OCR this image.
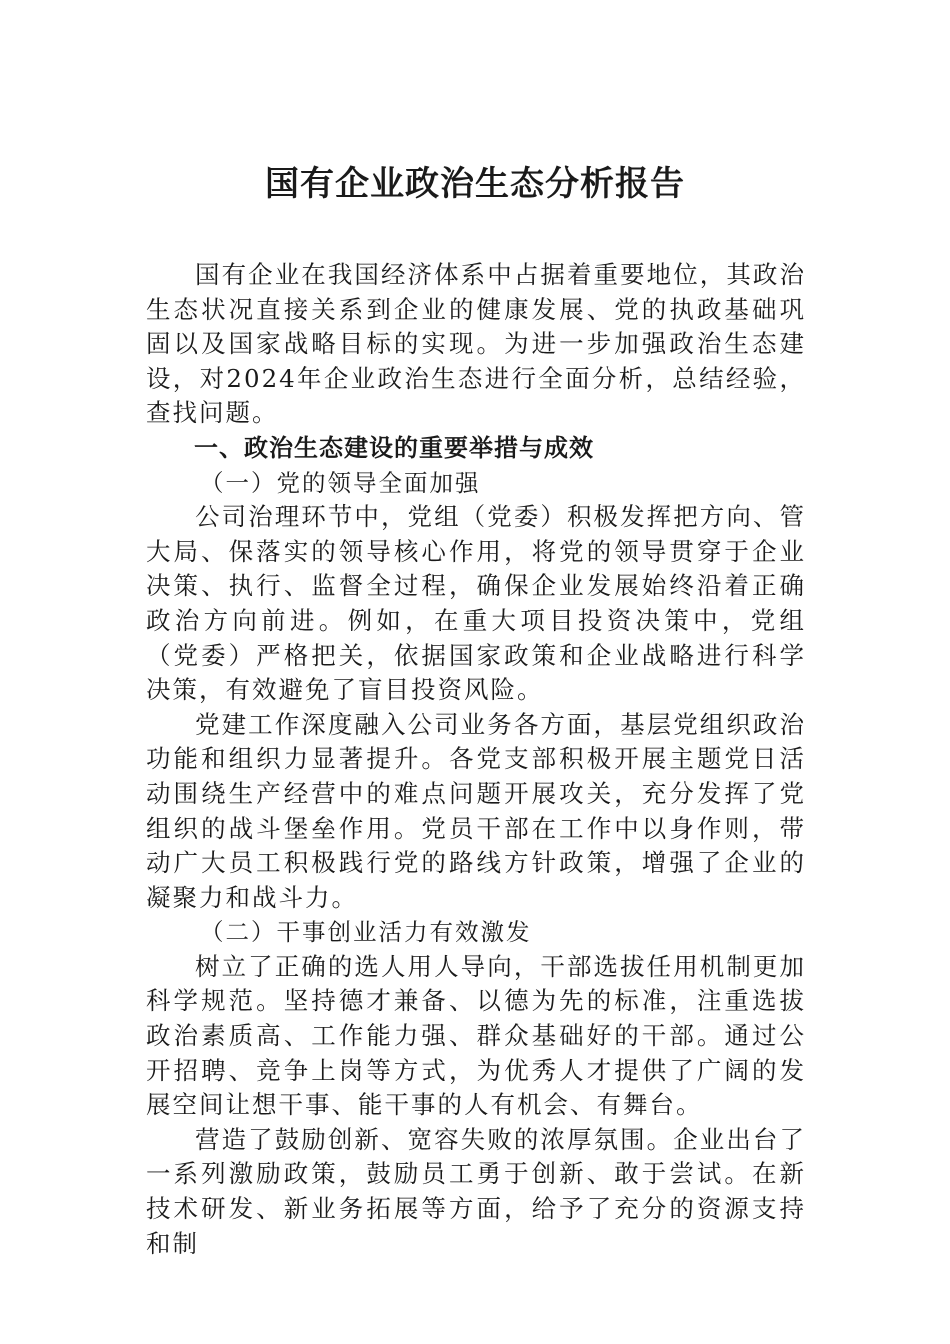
国有企业政治生态分析报告

国有企业在我国经济体系中占据着重要地位，其政治生态状况直接关系到企业的健康发展、党的执政基础巩固以及国家战略目标的实现。为进一步加强政治生态建设，对2024年企业政治生态进行全面分析，总结经验，查找问题。

一、政治生态建设的重要举措与成效

（一）党的领导全面加强

公司治理环节中，党组（党委）积极发挥把方向、管大局、保落实的领导核心作用，将党的领导贯穿于企业决策、执行、监督全过程，确保企业发展始终沿着正确政治方向前进。例如，在重大项目投资决策中，党组（党委）严格把关，依据国家政策和企业战略进行科学决策，有效避免了盲目投资风险。

党建工作深度融入公司业务各方面，基层党组织政治功能和组织力显著提升。各党支部积极开展主题党日活动围绕生产经营中的难点问题开展攻关，充分发挥了党组织的战斗堡垒作用。党员干部在工作中以身作则，带动广大员工积极践行党的路线方针政策，增强了企业的凝聚力和战斗力。

（二）干事创业活力有效激发

树立了正确的选人用人导向，干部选拔任用机制更加科学规范。坚持德才兼备、以德为先的标准，注重选拔政治素质高、工作能力强、群众基础好的干部。通过公开招聘、竞争上岗等方式，为优秀人才提供了广阔的发展空间让想干事、能干事的人有机会、有舞台。

营造了鼓励创新、宽容失败的浓厚氛围。企业出台了一系列激励政策，鼓励员工勇于创新、敢于尝试。在新技术研发、新业务拓展等方面，给予了充分的资源支持和制
